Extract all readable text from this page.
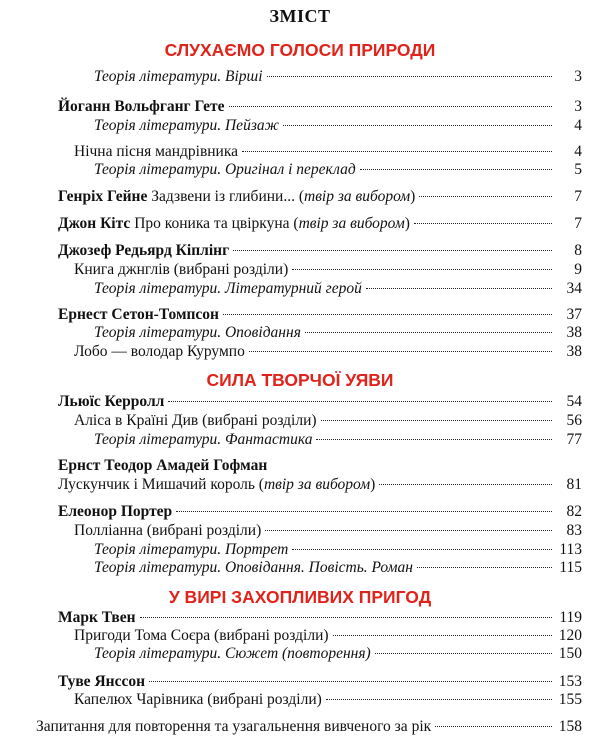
ЗМІСТ
СЛУХАЄМО ГОЛОСИ ПРИРОДИ
Теорія літератури. Вірші	3
Йоганн Вольфганг Гете	3
Теорія літератури. Пейзаж	4
Нічна пісня мандрівника	4
Теорія літератури. Оригінал і переклад	5
Генріх Гейне Задзвени із глибини... (твір за вибором)	7
Джон Кітс Про коника та цвіркуна (твір за вибором)	7
Джозеф Редьярд Кіплінг	8
Книга джнглів (вибрані розділи)	9
Теорія літератури. Літературний герой	34
Ернест Сетон-Томпсон	37
Теорія літератури. Оповідання	38
Лобо — володар Курумпо	38
СИЛА ТВОРЧОЇ УЯВИ
Льюїс Керролл	54
Аліса в Країні Див (вибрані розділи)	56
Теорія літератури. Фантастика	77
Ернст Теодор Амадей Гофман
Лускунчик і Мишачий король (твір за вибором)	81
Елеонор Портер	82
Полліанна (вибрані розділи)	83
Теорія літератури. Портрет	113
Теорія літератури. Оповідання. Повість. Роман	115
У ВИРІ ЗАХОПЛИВИХ ПРИГОД
Марк Твен	119
Пригоди Тома Соєра (вибрані розділи)	120
Теорія літератури. Сюжет (повторення)	150
Туве Янссон	153
Капелюх Чарівника (вибрані розділи)	155
Запитання для повторення та узагальнення вивченого за рік	158
